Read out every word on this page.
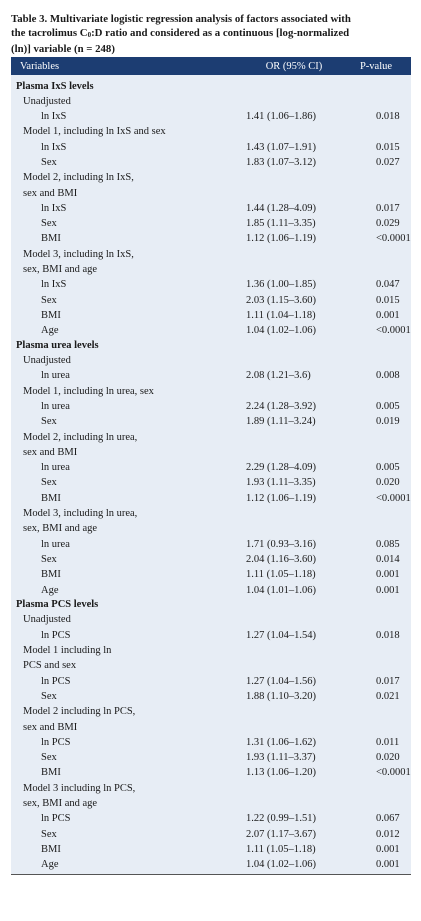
Table 3. Multivariate logistic regression analysis of factors associated with
the tacrolimus $C_0:D$ ratio and considered as a continuous [log-normalized
(ln)] variable (n = 248)
Variables	OR (95% CI)	P-value
Plasma IxS levels
Unadjusted
ln IxS	1.41 (1.06–1.86)	0.018
Model 1, including ln IxS and sex
ln IxS	1.43 (1.07–1.91)	0.015
Sex	1.83 (1.07–3.12)	0.027
Model 2, including ln IxS,
sex and BMI
ln IxS	1.44 (1.28–4.09)	0.017
Sex	1.85 (1.11–3.35)	0.029
BMI	1.12 (1.06–1.19)	<0.0001
Model 3, including ln IxS,
sex, BMI and age
ln IxS	1.36 (1.00–1.85)	0.047
Sex	2.03 (1.15–3.60)	0.015
BMI	1.11 (1.04–1.18)	0.001
Age	1.04 (1.02–1.06)	<0.0001
Plasma urea levels
Unadjusted
ln urea	2.08 (1.21–3.6)	0.008
Model 1, including ln urea, sex
ln urea	2.24 (1.28–3.92)	0.005
Sex	1.89 (1.11–3.24)	0.019
Model 2, including ln urea,
sex and BMI
ln urea	2.29 (1.28–4.09)	0.005
Sex	1.93 (1.11–3.35)	0.020
BMI	1.12 (1.06–1.19)	<0.0001
Model 3, including ln urea,
sex, BMI and age
ln urea	1.71 (0.93–3.16)	0.085
Sex	2.04 (1.16–3.60)	0.014
BMI	1.11 (1.05–1.18)	0.001
Age	1.04 (1.01–1.06)	0.001
Plasma PCS levels
Unadjusted
ln PCS	1.27 (1.04–1.54)	0.018
Model 1 including ln
PCS and sex
ln PCS	1.27 (1.04–1.56)	0.017
Sex	1.88 (1.10–3.20)	0.021
Model 2 including ln PCS,
sex and BMI
ln PCS	1.31 (1.06–1.62)	0.011
Sex	1.93 (1.11–3.37)	0.020
BMI	1.13 (1.06–1.20)	<0.0001
Model 3 including ln PCS,
sex, BMI and age
ln PCS	1.22 (0.99–1.51)	0.067
Sex	2.07 (1.17–3.67)	0.012
BMI	1.11 (1.05–1.18)	0.001
Age	1.04 (1.02–1.06)	0.001
